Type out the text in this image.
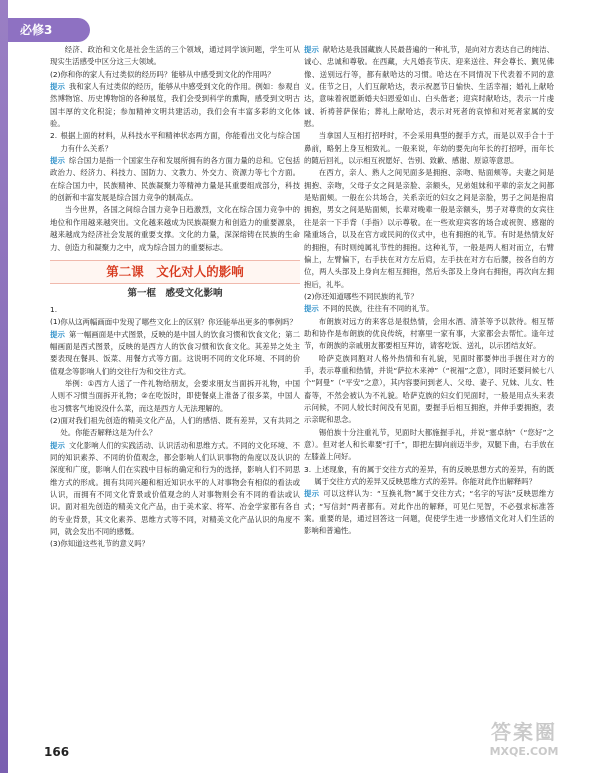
必修3

经济、政治和文化是社会生活的三个领域，通过同学该问题，学生可从现实生活感受中区分这三大领域。

(2)你和你的家人有过类似的经历吗？能够从中感受到文化的作用吗？

提示 我和家人有过类似的经历，能够从中感受到文化的作用。例如：参观自然博物馆、历史博物馆的各种展览，我们会受到科学的熏陶，感受到文明古国丰厚的文化积淀；参加精神文明共建活动，我们会有丰富多彩的文化体验。

2. 根据上面的材料，从科技水平和精神状态两方面，你能看出文化与综合国力有什么关系？

提示 综合国力是指一个国家生存和发展所拥有的各方面力量的总和。它包括政治力、经济力、科技力、国防力、文教力、外交力、资源力等七个方面。在综合国力中，民族精神、民族凝聚力等精神力量是其重要组成部分，科技的创新和丰富发展是综合国力竞争的制高点。

当今世界，各国之间综合国力竞争日趋激烈，文化在综合国力竞争中的地位和作用越来越突出。文化越来越成为民族凝聚力和创造力的重要源泉，越来越成为经济社会发展的重要支撑。文化的力量，深深熔铸在民族的生命力、创造力和凝聚力之中，成为综合国力的重要标志。

第二课　文化对人的影响
第一框　感受文化影响

1.(1)你从这两幅画面中发现了哪些文化上的区别？你还能举出更多的事例吗？

提示 第一幅画面是中式图景，反映的是中国人的饮食习惯和饮食文化；第二幅画面是西式图景，反映的是西方人的饮食习惯和饮食文化。其差异之处主要表现在餐具、饭菜、用餐方式等方面。这说明不同的文化环境、不同的价值观念等影响人们的交往行为和交往方式。

举例：①西方人送了一件礼物给朋友，会要求朋友当面拆开礼物，中国人则不习惯当面拆开礼物；②在吃饭时，即使餐桌上准备了很多菜，中国人也习惯客气地说没什么菜，而这是西方人无法理解的。

(2)面对我们祖先创造的精美文化产品，人们的感悟、既有差异，又有共同之处。你能否解释这是为什么？

提示 文化影响人们的实践活动、认识活动和思维方式。不同的文化环境、不同的知识素养、不同的价值观念，都会影响人们认识事物的角度以及认识的深度和广度，影响人们在实践中目标的确定和行为的选择，影响人们不同思维方式的形成。拥有共同兴趣和相近知识水平的人对事物会有相似的看法或认识，而拥有不同文化背景或价值观念的人对事物则会有不同的看法或认识。面对祖先创造的精美文化产品，由于美术家、将军、冶金学家都有各自的专业背景，其文化素养、思维方式等不同，对精美文化产品认识的角度不同，就会发出不同的感慨。

(3)你知道这些礼节的意义吗？

提示 献哈达是我国藏族人民最普遍的一种礼节，是向对方表达自己的纯洁、诚心、忠诚和尊敬。在西藏，大凡婚丧节庆、迎来送往、拜会尊长、觐见佛像、送别远行等，都有献哈达的习惯。哈达在不同情况下代表着不同的意义。佳节之日，人们互献哈达，表示祝愿节日愉快、生活幸福；婚礼上献哈达，意味着祝愿新婚夫妇恩爱如山、白头偕老；迎宾时献哈达，表示一片虔诚、祈祷菩萨保佑；葬礼上献哈达，表示对死者的哀悼和对死者家属的安慰。

当拿国人互相打招呼时，不会采用典型的握手方式，而是以双手合十于鼻前，略躬上身互相致礼。一般来说，年幼的要先向年长的打招呼，而年长的随后回礼，以示相互祝愿好、告别、致歉、感谢、原谅等意思。

在西方，亲人、熟人之间见面多是拥抱、亲吻、贴面颊等。夫妻之间是拥抱、亲吻，父母子女之间是亲脸、亲额头，兄弟姐妹和平辈的亲友之间都是贴面颊。一般在公共场合，关系亲近的妇女之间是亲脸，男子之间是抱肩拥抱，男女之间是贴面颊，长辈对晚辈一般是亲额头，男子对尊贵的女宾往往是亲一下手背（手指）以示尊敬。在一些欢迎宾客的场合或祝贺、感谢的隆重场合，以及在官方或民间的仪式中，也有拥抱的礼节。有时是热情友好的拥抱，有时则纯属礼节性的拥抱。这种礼节，一般是两人相对而立，右臂偏上，左臂偏下，右手扶在对方左后肩，左手扶在对方右后腰，按各自的方位，两人头部及上身向左相互拥抱，然后头部及上身向右拥抱，再次向左拥抱后，礼毕。

(2)你还知道哪些不同民族的礼节？

提示 不同的民族，往往有不同的礼节。

布朗族对远方的来客总是很热情，会用水酒、清茶等予以款待。相互帮助和协作是布朗族的优良传统，村寨里一家有事，大家都会去帮忙。逢年过节，布朗族的亲戚朋友都要相互拜访，请客吃饭、送礼，以示团结友好。

哈萨克族同胞对人格外热情和有礼貌，见面时都要伸出手握住对方的手，表示尊重和热情，并说“萨拉木来神”（“祝福”之意），同时还要问候七八个“阿曼”（“平安”之意），其内容要问到老人、父母、妻子、兄妹、儿女、牲畜等，不然会被认为不礼貌。哈萨克族的妇女们见面时，一般是用点头来表示问候，不同人较长时间没有见面，要握手后相互拥抱，并伸手要拥抱，表示亲昵和思念。

锡伯族十分注重礼节，见面时大都施握手礼，并说“塞卓纳”（“您好”之意）。但对老人和长辈要“打千”，即把左脚向前迈半步，双腿下曲，右手放在左膝盖上问好。

3. 上述现象，有的属于交往方式的差异，有的反映思想方式的差异，有的既属于交往方式的差异又反映思维方式的差异。你能对此作出解释吗？

提示 可以这样认为：“互换礼物”属于交往方式；“名字的写法”反映思维方式；“写信封”两者都有。对此作出的解释，可见仁见智，不必强求标准答案。重要的是，通过回答这一问题，促使学生进一步感悟文化对人们生活的影响和普遍性。

166
答案圈
MXQE.COM
